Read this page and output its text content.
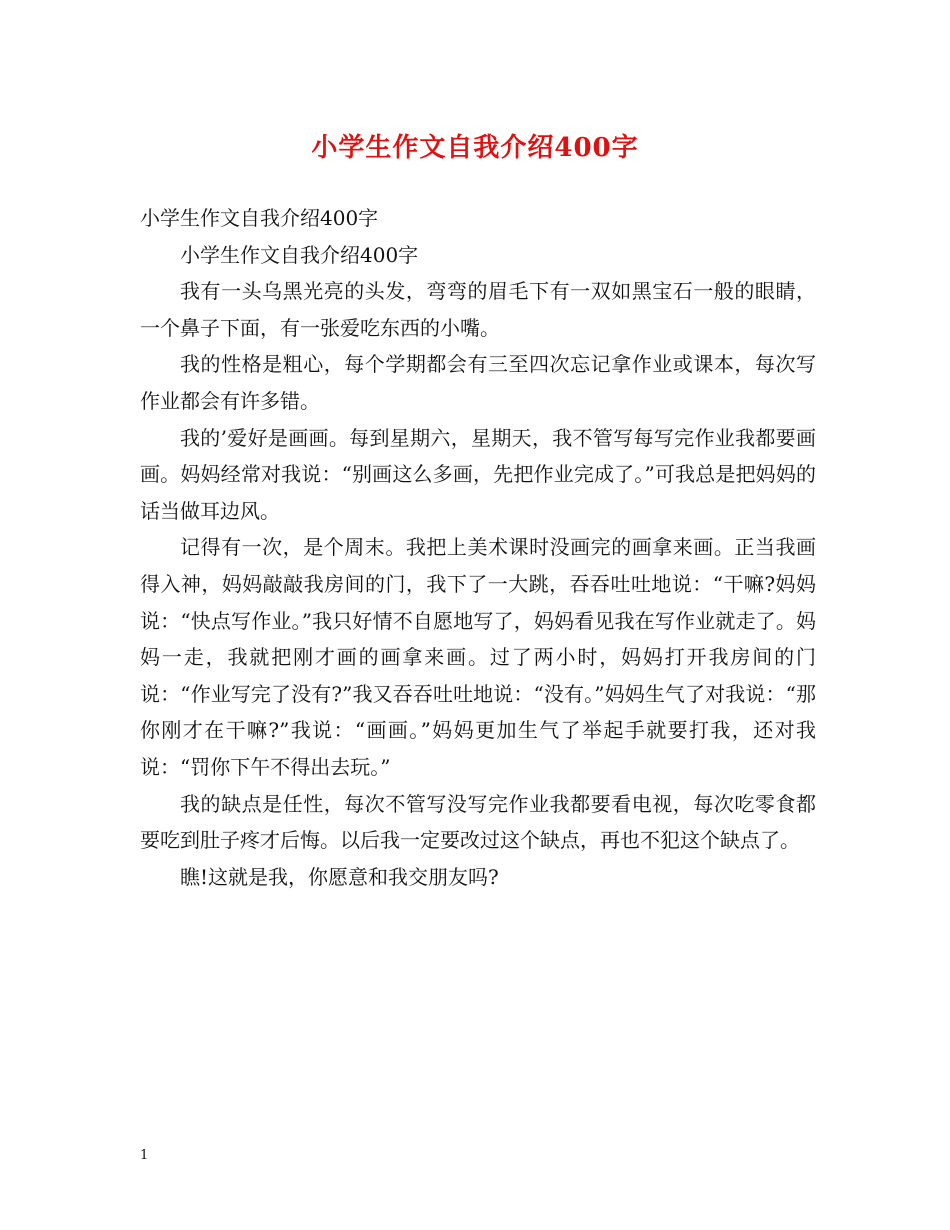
小学生作文自我介绍400字

小学生作文自我介绍400字

小学生作文自我介绍400字

我有一头乌黑光亮的头发，弯弯的眉毛下有一双如黑宝石一般的眼睛，一个鼻子下面，有一张爱吃东西的小嘴。

我的性格是粗心，每个学期都会有三至四次忘记拿作业或课本，每次写作业都会有许多错。

我的’爱好是画画。每到星期六，星期天，我不管写每写完作业我都要画画。妈妈经常对我说：“别画这么多画，先把作业完成了。”可我总是把妈妈的话当做耳边风。

记得有一次，是个周末。我把上美术课时没画完的画拿来画。正当我画得入神，妈妈敲敲我房间的门，我下了一大跳，吞吞吐吐地说：“干嘛?妈妈说：“快点写作业。”我只好情不自愿地写了，妈妈看见我在写作业就走了。妈妈一走，我就把刚才画的画拿来画。过了两小时，妈妈打开我房间的门说：“作业写完了没有?”我又吞吞吐吐地说：“没有。”妈妈生气了对我说：“那你刚才在干嘛?”我说：“画画。”妈妈更加生气了举起手就要打我，还对我说：“罚你下午不得出去玩。”

我的缺点是任性，每次不管写没写完作业我都要看电视，每次吃零食都要吃到肚子疼才后悔。以后我一定要改过这个缺点，再也不犯这个缺点了。

瞧!这就是我，你愿意和我交朋友吗?

1
